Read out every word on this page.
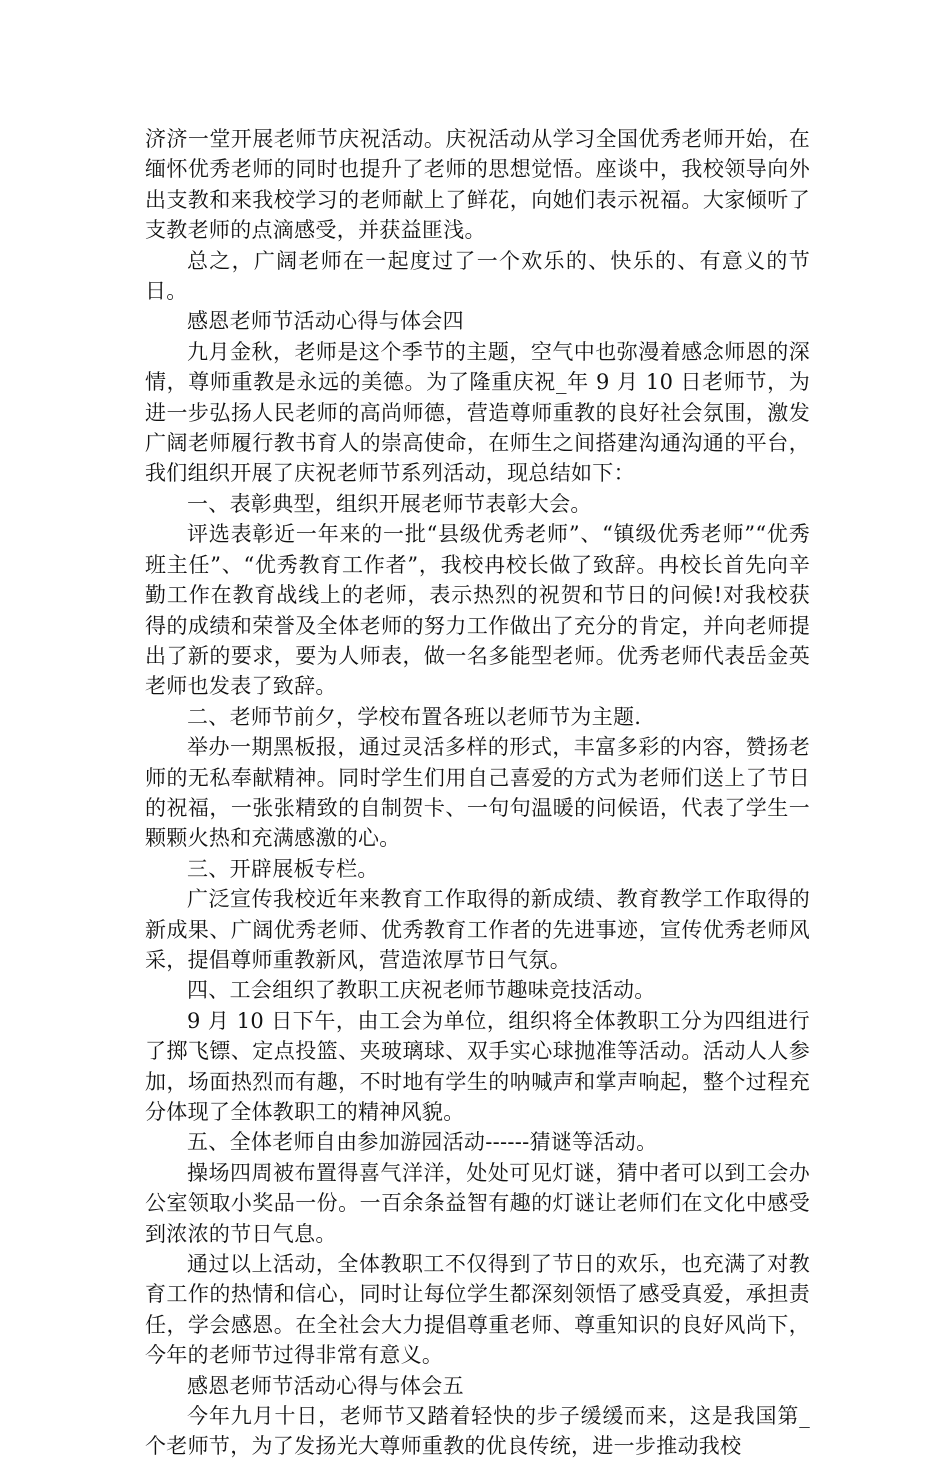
济济一堂开展老师节庆祝活动。庆祝活动从学习全国优秀老师开始，在缅怀优秀老师的同时也提升了老师的思想觉悟。座谈中，我校领导向外出支教和来我校学习的老师献上了鲜花，向她们表示祝福。大家倾听了支教老师的点滴感受，并获益匪浅。

总之，广阔老师在一起度过了一个欢乐的、快乐的、有意义的节日。

感恩老师节活动心得与体会四

九月金秋，老师是这个季节的主题，空气中也弥漫着感念师恩的深情，尊师重教是永远的美德。为了隆重庆祝_年 9 月 10 日老师节，为进一步弘扬人民老师的高尚师德，营造尊师重教的良好社会氛围，激发广阔老师履行教书育人的崇高使命，在师生之间搭建沟通沟通的平台，我们组织开展了庆祝老师节系列活动，现总结如下：

一、表彰典型，组织开展老师节表彰大会。

评选表彰近一年来的一批“县级优秀老师”、“镇级优秀老师”“优秀班主任”、“优秀教育工作者”，我校冉校长做了致辞。冉校长首先向辛勤工作在教育战线上的老师，表示热烈的祝贺和节日的问候!对我校获得的成绩和荣誉及全体老师的努力工作做出了充分的肯定，并向老师提出了新的要求，要为人师表，做一名多能型老师。优秀老师代表岳金英老师也发表了致辞。

二、老师节前夕，学校布置各班以老师节为主题.

举办一期黑板报，通过灵活多样的形式，丰富多彩的内容，赞扬老师的无私奉献精神。同时学生们用自己喜爱的方式为老师们送上了节日的祝福，一张张精致的自制贺卡、一句句温暖的问候语，代表了学生一颗颗火热和充满感激的心。

三、开辟展板专栏。

广泛宣传我校近年来教育工作取得的新成绩、教育教学工作取得的新成果、广阔优秀老师、优秀教育工作者的先进事迹，宣传优秀老师风采，提倡尊师重教新风，营造浓厚节日气氛。

四、工会组织了教职工庆祝老师节趣味竞技活动。

9 月 10 日下午，由工会为单位，组织将全体教职工分为四组进行了掷飞镖、定点投篮、夹玻璃球、双手实心球抛准等活动。活动人人参加，场面热烈而有趣，不时地有学生的呐喊声和掌声响起，整个过程充分体现了全体教职工的精神风貌。

五、全体老师自由参加游园活动------猜谜等活动。

操场四周被布置得喜气洋洋，处处可见灯谜，猜中者可以到工会办公室领取小奖品一份。一百余条益智有趣的灯谜让老师们在文化中感受到浓浓的节日气息。

通过以上活动，全体教职工不仅得到了节日的欢乐，也充满了对教育工作的热情和信心，同时让每位学生都深刻领悟了感受真爱，承担责任，学会感恩。在全社会大力提倡尊重老师、尊重知识的良好风尚下，今年的老师节过得非常有意义。

感恩老师节活动心得与体会五

今年九月十日，老师节又踏着轻快的步子缓缓而来，这是我国第_个老师节，为了发扬光大尊师重教的优良传统，进一步推动我校
